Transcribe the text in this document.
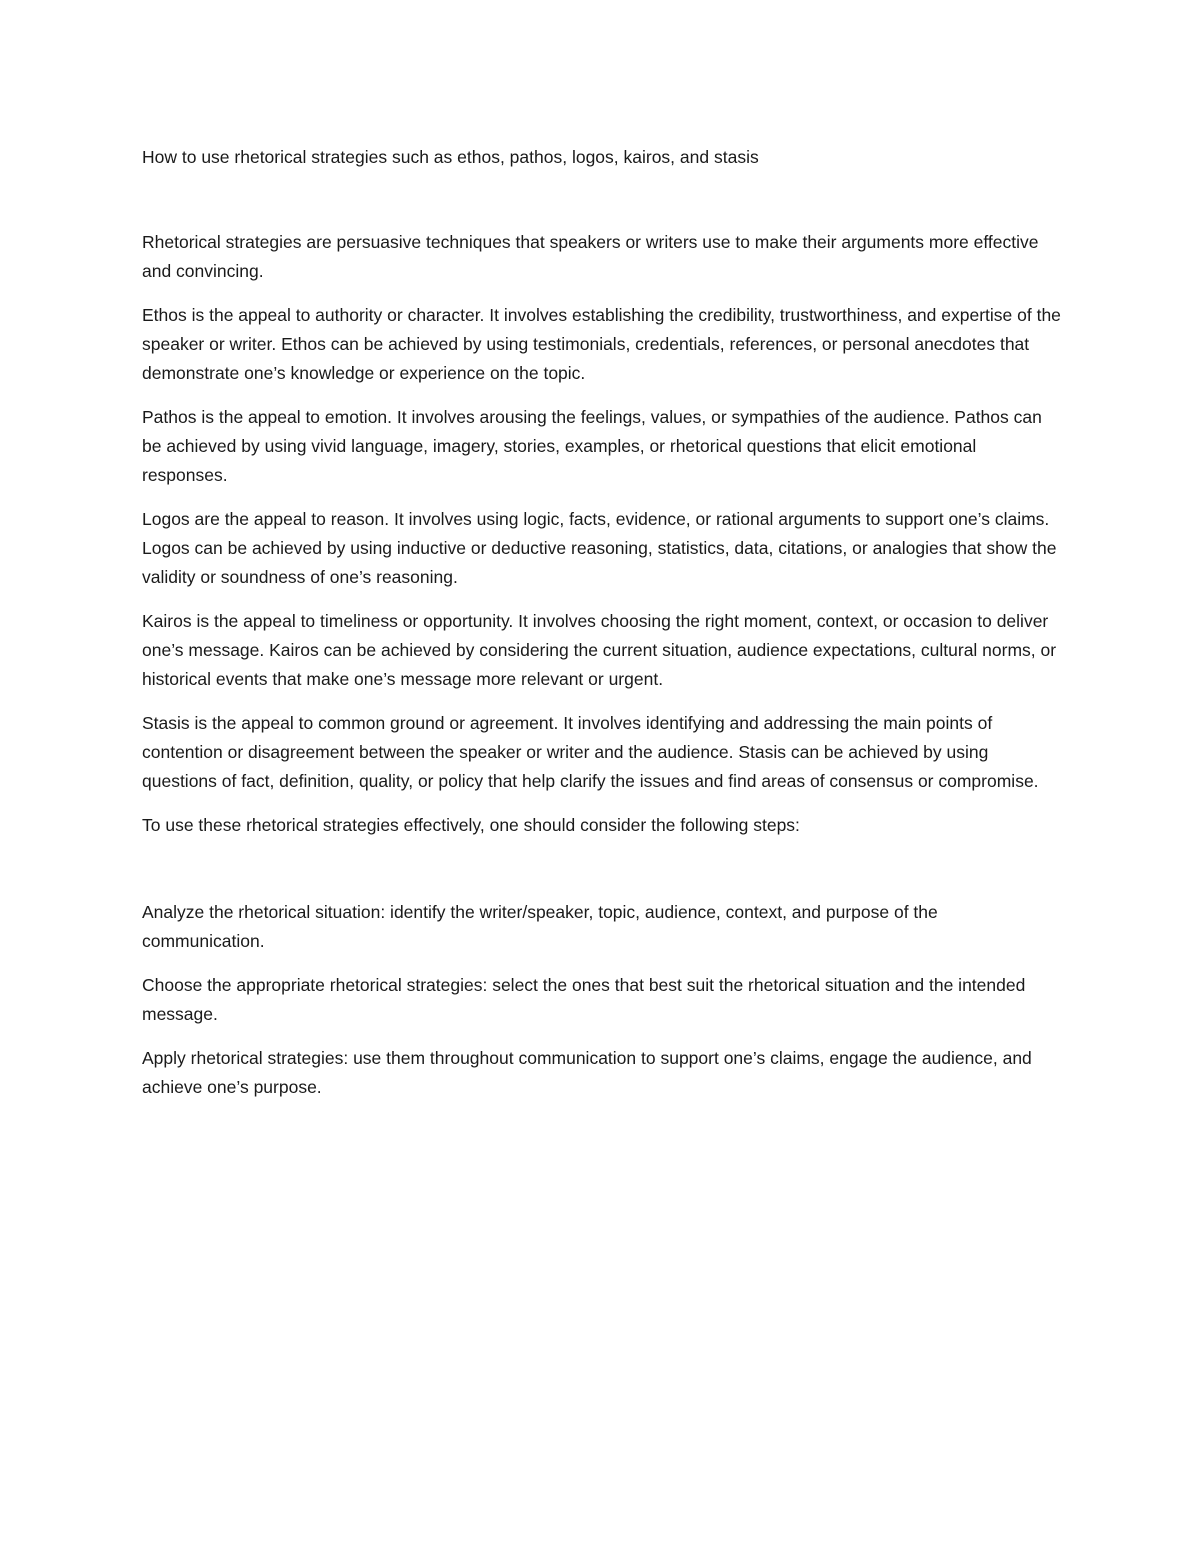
How to use rhetorical strategies such as ethos, pathos, logos, kairos, and stasis

Rhetorical strategies are persuasive techniques that speakers or writers use to make their arguments more effective and convincing.

Ethos is the appeal to authority or character. It involves establishing the credibility, trustworthiness, and expertise of the speaker or writer. Ethos can be achieved by using testimonials, credentials, references, or personal anecdotes that demonstrate one’s knowledge or experience on the topic.

Pathos is the appeal to emotion. It involves arousing the feelings, values, or sympathies of the audience. Pathos can be achieved by using vivid language, imagery, stories, examples, or rhetorical questions that elicit emotional responses.

Logos are the appeal to reason. It involves using logic, facts, evidence, or rational arguments to support one’s claims. Logos can be achieved by using inductive or deductive reasoning, statistics, data, citations, or analogies that show the validity or soundness of one’s reasoning.

Kairos is the appeal to timeliness or opportunity. It involves choosing the right moment, context, or occasion to deliver one’s message. Kairos can be achieved by considering the current situation, audience expectations, cultural norms, or historical events that make one’s message more relevant or urgent.

Stasis is the appeal to common ground or agreement. It involves identifying and addressing the main points of contention or disagreement between the speaker or writer and the audience. Stasis can be achieved by using questions of fact, definition, quality, or policy that help clarify the issues and find areas of consensus or compromise.

To use these rhetorical strategies effectively, one should consider the following steps:

Analyze the rhetorical situation: identify the writer/speaker, topic, audience, context, and purpose of the communication.

Choose the appropriate rhetorical strategies: select the ones that best suit the rhetorical situation and the intended message.

Apply rhetorical strategies: use them throughout communication to support one’s claims, engage the audience, and achieve one’s purpose.
